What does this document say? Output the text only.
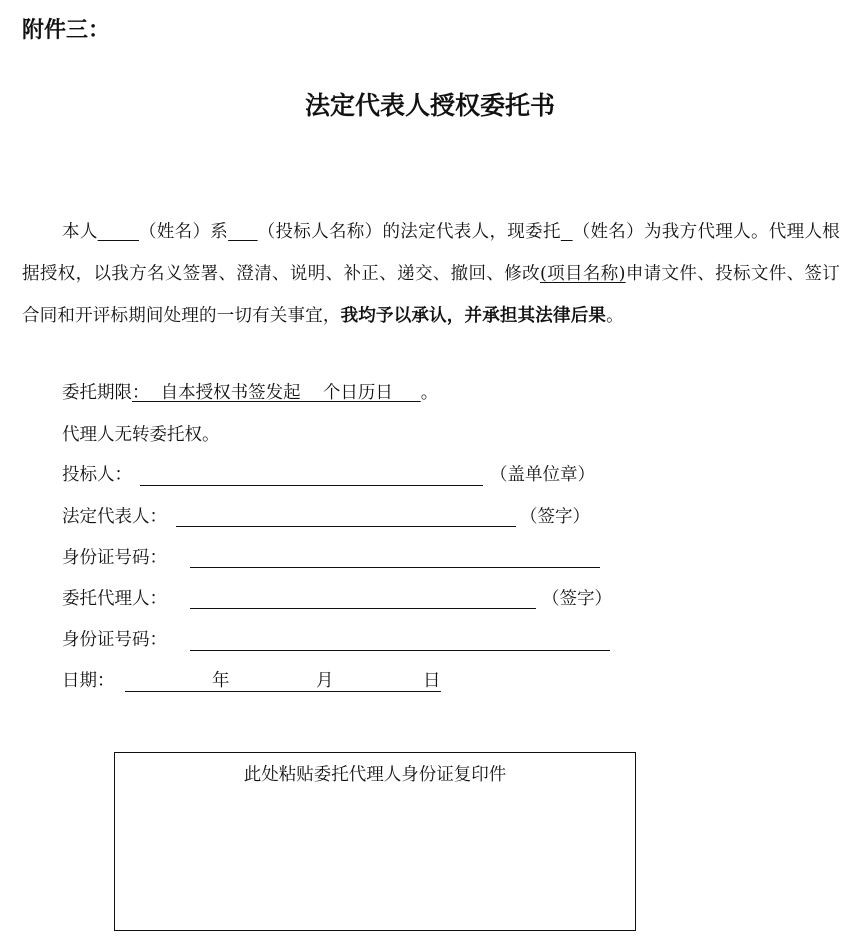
附件三：
法定代表人授权委托书

本人 （姓名）系 （投标人名称）的法定代表人，现委托 （姓名）为我方代理人。代理人根据授权，以我方名义签署、澄清、说明、补正、递交、撤回、修改(项目名称)申请文件、投标文件、签订合同和开评标期间处理的一切有关事宜，我均予以承认，并承担其法律后果。

委托期限：  自本授权书签发起    个日历日     。
代理人无转委托权。
投标人：	（盖单位章）
法定代表人：	（签字）
身份证号码：
委托代理人：	（签字）
身份证号码：
日期：	年	月	日
此处粘贴委托代理人身份证复印件
